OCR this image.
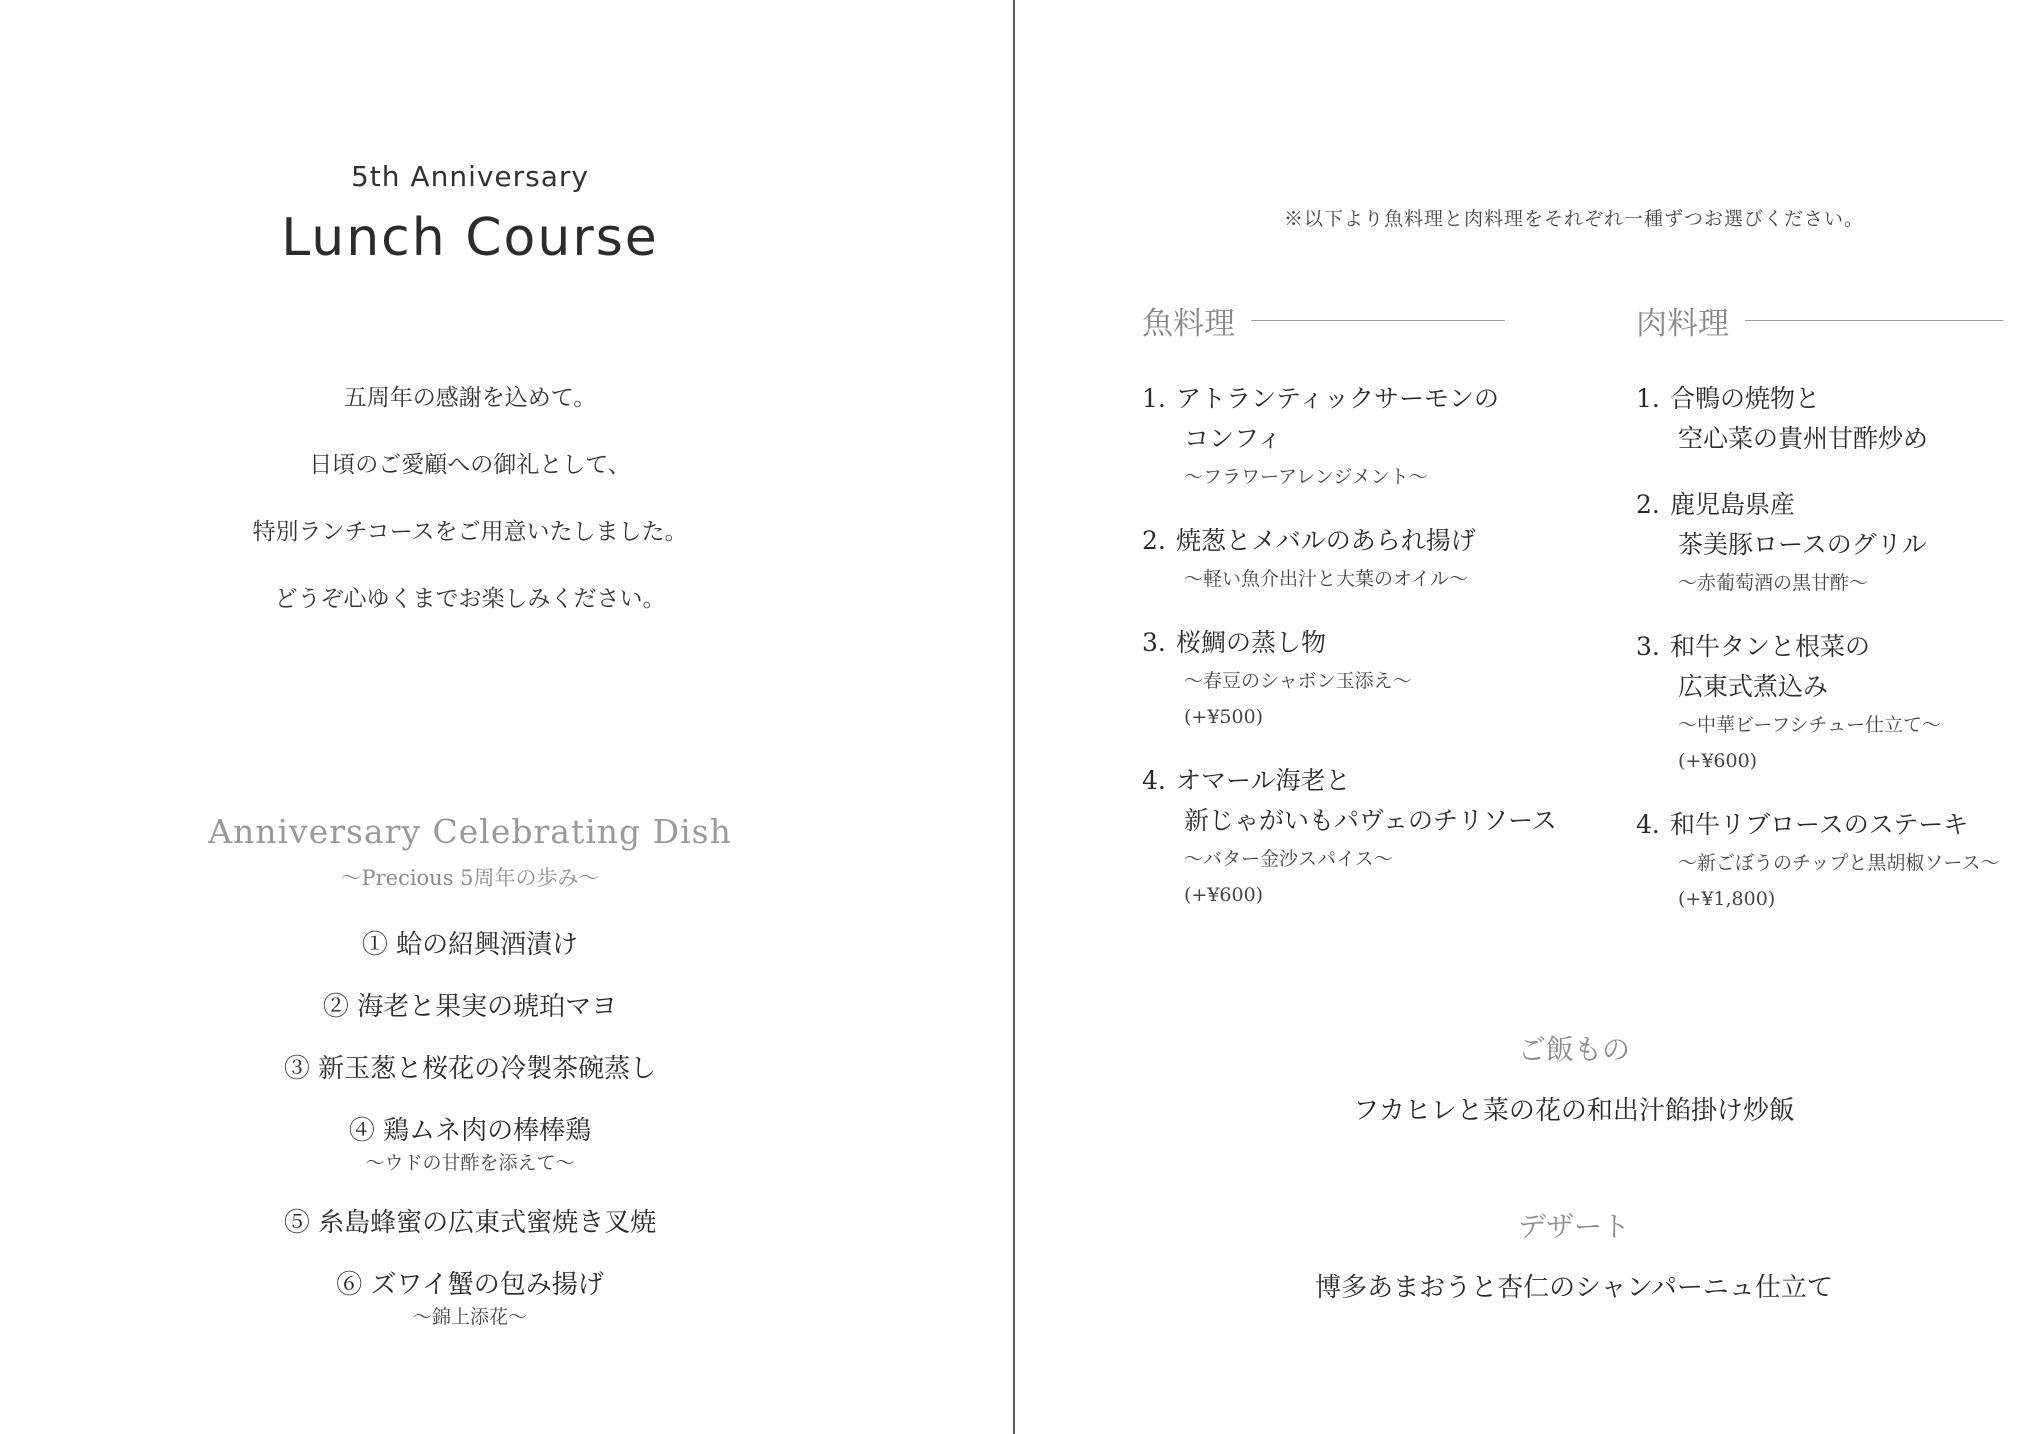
5th Anniversary
Lunch Course
五周年の感謝を込めて。
日頃のご愛顧への御礼として、
特別ランチコースをご用意いたしました。
どうぞ心ゆくまでお楽しみください。
Anniversary Celebrating Dish
～Precious 5周年の歩み～
① 蛤の紹興酒漬け
② 海老と果実の琥珀マヨ
③ 新玉葱と桜花の冷製茶碗蒸し
④ 鶏ムネ肉の棒棒鶏
～ウドの甘酢を添えて～
⑤ 糸島蜂蜜の広東式蜜焼き叉焼
⑥ ズワイ蟹の包み揚げ
～錦上添花～
※以下より魚料理と肉料理をそれぞれ一種ずつお選びください。
魚料理
1. アトランティックサーモンの
コンフィ
～フラワーアレンジメント～
2. 焼葱とメバルのあられ揚げ
～軽い魚介出汁と大葉のオイル～
3. 桜鯛の蒸し物
～春豆のシャボン玉添え～
(+¥500)
4. オマール海老と
新じゃがいもパヴェのチリソース
～バター金沙スパイス～
(+¥600)
肉料理
1. 合鴨の焼物と
空心菜の貴州甘酢炒め
2. 鹿児島県産
茶美豚ロースのグリル
～赤葡萄酒の黒甘酢～
3. 和牛タンと根菜の
広東式煮込み
～中華ビーフシチュー仕立て～
(+¥600)
4. 和牛リブロースのステーキ
～新ごぼうのチップと黒胡椒ソース～
(+¥1,800)
ご飯もの
フカヒレと菜の花の和出汁餡掛け炒飯
デザート
博多あまおうと杏仁のシャンパーニュ仕立て
